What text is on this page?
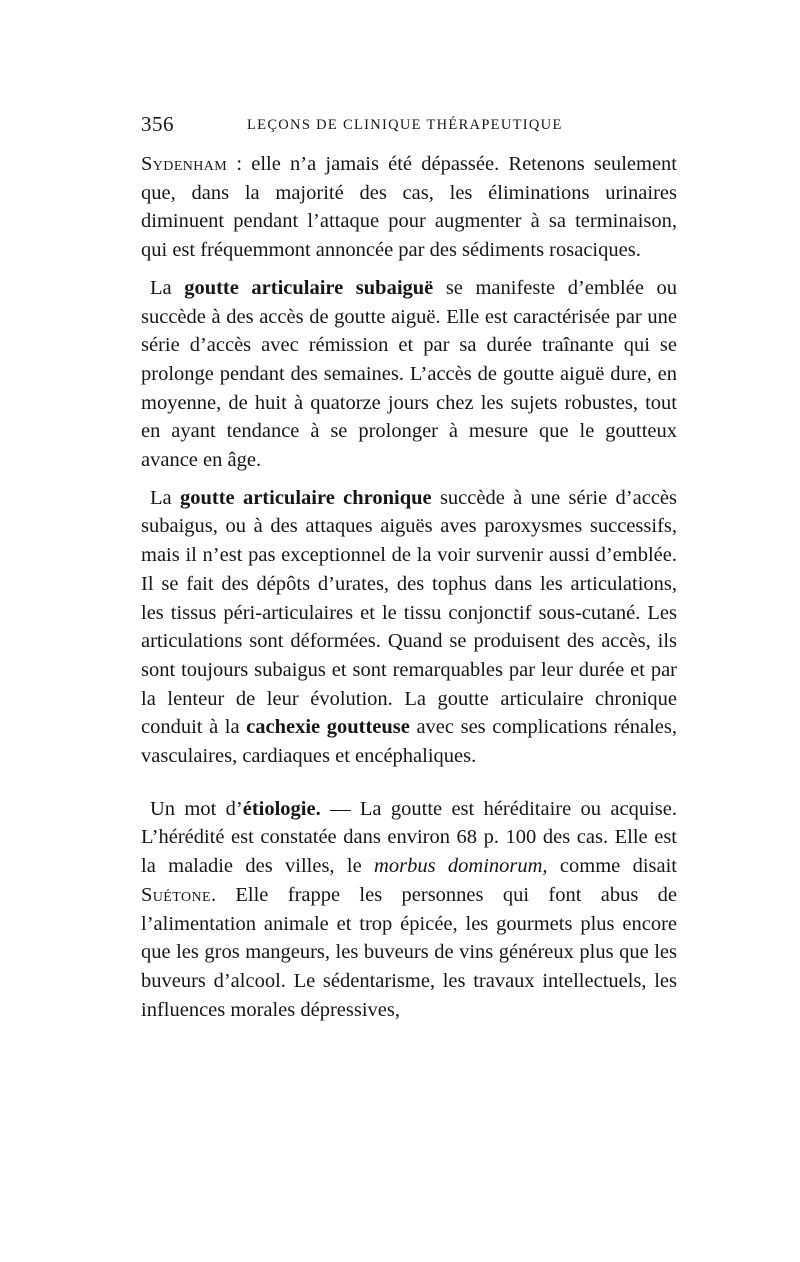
356	LEÇONS DE CLINIQUE THÉRAPEUTIQUE

Sydenham : elle n’a jamais été dépassée. Retenons seulement que, dans la majorité des cas, les éliminations urinaires diminuent pendant l’attaque pour augmenter à sa terminaison, qui est fréquemmont annoncée par des sédiments rosaciques.

La goutte articulaire subaiguë se manifeste d’emblée ou succède à des accès de goutte aiguë. Elle est caractérisée par une série d’accès avec rémission et par sa durée traînante qui se prolonge pendant des semaines. L’accès de goutte aiguë dure, en moyenne, de huit à quatorze jours chez les sujets robustes, tout en ayant tendance à se prolonger à mesure que le goutteux avance en âge.

La goutte articulaire chronique succède à une série d’accès subaigus, ou à des attaques aiguës aves paroxysmes successifs, mais il n’est pas exceptionnel de la voir survenir aussi d’emblée. Il se fait des dépôts d’urates, des tophus dans les articulations, les tissus péri-articulaires et le tissu conjonctif sous-cutané. Les articulations sont déformées. Quand se produisent des accès, ils sont toujours subaigus et sont remarquables par leur durée et par la lenteur de leur évolution. La goutte articulaire chronique conduit à la cachexie goutteuse avec ses complications rénales, vasculaires, cardiaques et encéphaliques.

Un mot d’étiologie. — La goutte est héréditaire ou acquise. L’hérédité est constatée dans environ 68 p. 100 des cas. Elle est la maladie des villes, le morbus dominorum, comme disait Suétone. Elle frappe les personnes qui font abus de l’alimentation animale et trop épicée, les gourmets plus encore que les gros mangeurs, les buveurs de vins généreux plus que les buveurs d’alcool. Le sédentarisme, les travaux intellectuels, les influences morales dépressives,
